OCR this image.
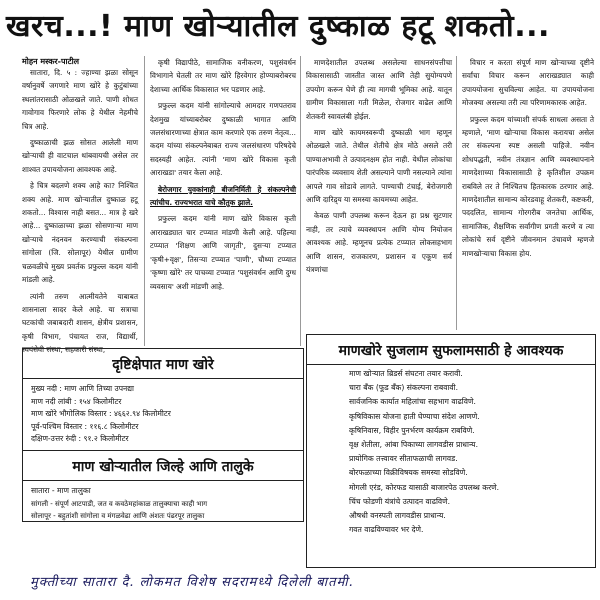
खरच...! माण खोऱ्यातील दुष्काळ हटू शकतो...
मोहन मस्कर-पाटील

सातारा, दि. ५ : ज्हाण्या झळा सोसून वर्षानुवर्षे जगणारे माण खोरे हे कुटुंबांच्या स्थलांतरासाठी ओळखले जाते. पाणी शोधत गावोगाव फिरणारे लोक हे येथील नेहमीचे चित्र आहे.

दुष्काळाची झळ सोसत आलेली माण खोऱ्याची ही वाटचाल थांबवायची असेल तर शाश्वत उपाययोजना आवश्यक आहे.

हे चित्र बदलणे शक्य आहे का? निश्चित शक्य आहे. माण खोऱ्यातील दुष्काळ हटू शकतो... विश्वास नाही बसत... मात्र हे खरे आहे... दुष्काळाच्या झळा सोसणाऱ्या माण खोऱ्याचे नंदनवन करण्याची संकल्पना सांगोला (जि. सोलापूर) येथील ग्रामीण चळवळीचे मुख्य प्रवर्तक प्रफुल्ल कदम यांनी मांडली आहे.

त्यांनी तरुण आत्मीयतेने याबाबत शासनाला सादर केले आहे. या सत्राचा घटकांची जबाबदारी शासन, क्षेत्रीय प्रशासन, कृषी विभाग, पंचायत राज, विद्यार्थी, स्वयंसेवी संस्था, सहकारी संस्था,

कृषी विद्यापीठे, सामाजिक वनीकरण, पशुसंवर्धन विभागाने घेतली तर माण खोरे हिरवेगार होण्याबरोबरच देशाच्या आर्थिक विकासात भर पडणार आहे.

प्रफुल्ल कदम यांनी सांगोल्याचे आमदार गणपतराव देशमुख यांच्याबरोबर दुष्काळी भागात आणि जलसंधारणाच्या क्षेत्रात काम करणारे एक तरुण नेतृत्व... कदम यांच्या संकल्पनेबाबत राज्य जलसंधारण परिषदेचे सदस्यही आहेत. त्यांनी 'माण खोरे विकास कृती आराखडा' तयार केला आहे.

बेरोजगार युवकांनाही बीजनिर्मिती हे संकल्पनेची त्यांचीच. राज्यभरात याचे कौतुक झाले.

प्रफुल्ल कदम यांनी माण खोरे विकास कृती आराखड्यात चार टप्प्यात मांडणी केली आहे. पहिल्या टप्प्यात 'शिक्षण आणि जागृती', दुसऱ्या टप्प्यात 'कृषी+वृक्ष', तिसऱ्या टप्प्यात 'पाणी', चौथ्या टप्प्यात 'कृष्णा खोरे' तर पाचव्या टप्प्यात 'पशुसंवर्धन आणि दुग्ध व्यवसाय' अशी मांडणी आहे.

माणदेशातील उपलब्ध असलेल्या साधनसंपत्तीचा विकासासाठी जास्तीत जास्त आणि तेही सुयोग्यपणे उपयोग करून घेणे ही त्या मागची भूमिका आहे. यातून ग्रामीण विकासाला गती मिळेल, रोजगार वाढेल आणि शेतकरी स्वावलंबी होईल.

माण खोरे कायमस्वरूपी दुष्काळी भाग म्हणून ओळखले जाते. तेथील शेतीचे क्षेत्र मोठे असले तरी पाण्याअभावी ते उत्पादनक्षम होत नाही. येथील लोकांचा पारंपरिक व्यवसाय शेती असल्याने पाणी नसल्याने त्यांना आपले गाव सोडावे लागते. पाण्याची टंचाई, बेरोजगारी आणि दारिद्र्य या समस्या कायमच्या आहेत.

केवळ पाणी उपलब्ध करून देऊन हा प्रश्न सुटणार नाही, तर त्याचे व्यवस्थापन आणि योग्य नियोजन आवश्यक आहे. म्हणूनच प्रत्येक टप्प्यात लोकसहभाग आणि शासन, राजकारण, प्रशासन व एकूण सर्व यंत्रणांचा

विचार न करता संपूर्ण माण खोऱ्याच्या दृष्टीने सर्वांचा विचार करून आराखड्यात काही उपाययोजना सुचविल्या आहेत. या उपाययोजना मोजक्या असल्या तरी त्या परिणामकारक आहेत.

प्रफुल्ल कदम यांच्याशी संपर्क साधला असता ते म्हणाले, 'माण खोऱ्याचा विकास करायचा असेल तर संकल्पना स्पष्ट असली पाहिजे. नवीन शोधपद्धती, नवीन तंत्रज्ञान आणि व्यवस्थापनाने माणदेशाच्या विकासासाठी हे कृतिशील उपक्रम राबविले तर ते निश्चितच हितकारक ठरणार आहे. माणदेशातील सामान्य कोरडवाहू शेतकरी, कष्टकरी, पददलित, सामान्य गोरगरीब जनतेचा आर्थिक, सामाजिक, शैक्षणिक सर्वांगीण प्रगती करणे व त्या लोकांचे सर्व दृष्टीने जीवनमान उंचावणे म्हणजे माणखोऱ्याचा विकास होय.

दृष्टिक्षेपात माण खोरे
मुख्य नदी : माण आणि तिच्या उपनद्या
माण नदी लांबी : १५४ किलोमीटर
माण खोरे भौगोलिक विस्तार : ४६६२.९४ किलोमीटर
पूर्व-पश्चिम विस्तार : ११६.८ किलोमीटर
दक्षिण-उत्तर रुंदी : ९१.२ किलोमीटर
माण खोऱ्यातील जिल्हे आणि तालुके
सातारा - माण तालुका
सांगली - संपूर्ण आटपाडी, जत व कवठेमहांकाळ तालुक्याचा काही भाग
सोलापूर - बहुतांशी सांगोला व मंगळवेढा आणि अंशतः पंढरपूर तालुका
माणखोरे सुजलाम सुफलामसाठी हे आवश्यक
माण खोऱ्यात ब्रिडर्स संघटना तयार करावी.
चारा बँक (फूड बँक) संकल्पना राबवावी.
सार्वजनिक कार्यात महिलांचा सहभाग वाढविणे.
कृषिविकास योजना हाती घेण्याचा संदेश आणणे.
कृषिनिवास, विहीर पुनर्भरण कार्यक्रम राबविणे.
वृक्ष शेतीला, आंबा पिकाच्या लागवडीस प्राधान्य.
प्रायोगिक तत्त्वावर सीताफळाची लागवड.
बोरफळाच्या विक्रीविषयक समस्या सोडविणे.
मोगली एरंड, कोरफड यासाठी बाजारपेठ उपलब्ध करणे.
चिंच फोडणी यंत्रांचे उत्पादन वाढविणे.
औषधी वनस्पती लागवडीस प्राधान्य.
गवत वाढविण्यावर भर देणे.
मुक्तीच्या सातारा दै. लोकमत विशेष सदरामध्ये दिलेली बातमी.
